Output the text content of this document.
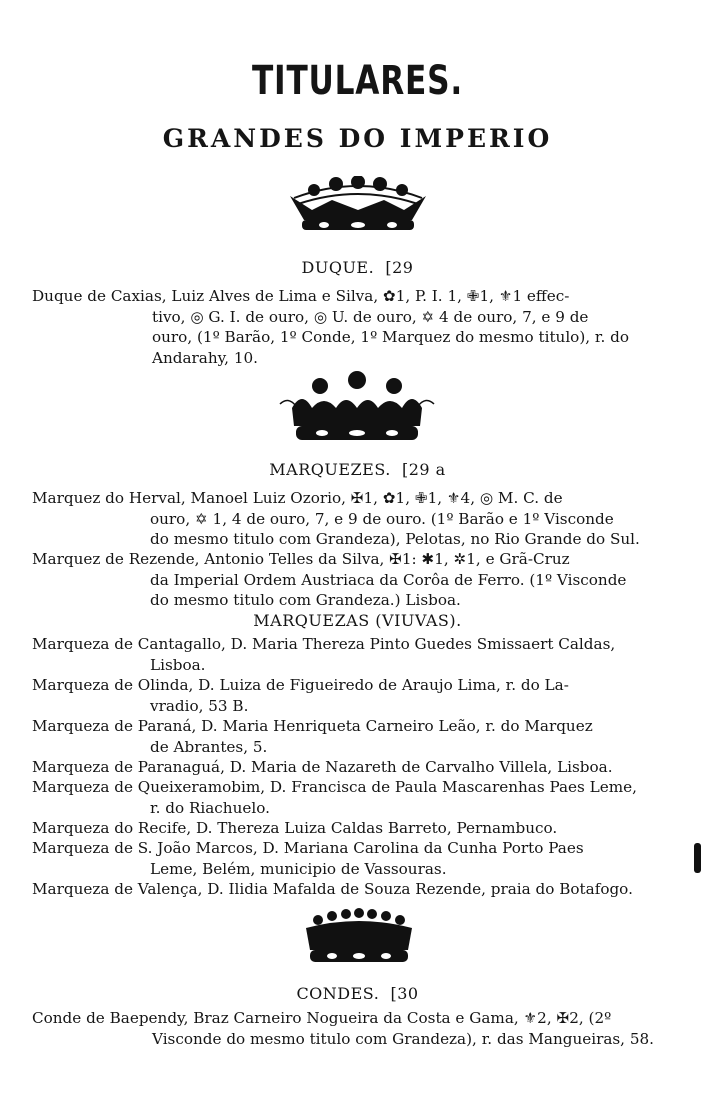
TITULARES.
GRANDES DO IMPERIO
DUQUE. [29
Duque de Caxias, Luiz Alves de Lima e Silva, ✿1, P. I. 1, ✙1, ⚜1 effec-
tivo, ◎ G. I. de ouro, ◎ U. de ouro, ✡ 4 de ouro, 7, e 9 de
ouro, (1º Barão, 1º Conde, 1º Marquez do mesmo titulo), r. do
Andarahy, 10.
MARQUEZES. [29 a
Marquez do Herval, Manoel Luiz Ozorio, ✠1, ✿1, ✙1, ⚜4, ◎ M. C. de
ouro, ✡ 1, 4 de ouro, 7, e 9 de ouro. (1º Barão e 1º Visconde
do mesmo titulo com Grandeza), Pelotas, no Rio Grande do Sul.
Marquez de Rezende, Antonio Telles da Silva, ✠1: ✱1, ✲1, e Grã-Cruz
da Imperial Ordem Austriaca da Corôa de Ferro. (1º Visconde
do mesmo titulo com Grandeza.) Lisboa.
MARQUEZAS (VIUVAS).
Marqueza de Cantagallo, D. Maria Thereza Pinto Guedes Smissaert Caldas,
Lisboa.
Marqueza de Olinda, D. Luiza de Figueiredo de Araujo Lima, r. do La-
vradio, 53 B.
Marqueza de Paraná, D. Maria Henriqueta Carneiro Leão, r. do Marquez
de Abrantes, 5.
Marqueza de Paranaguá, D. Maria de Nazareth de Carvalho Villela, Lisboa.
Marqueza de Queixeramobim, D. Francisca de Paula Mascarenhas Paes Leme,
r. do Riachuelo.
Marqueza do Recife, D. Thereza Luiza Caldas Barreto, Pernambuco.
Marqueza de S. João Marcos, D. Mariana Carolina da Cunha Porto Paes
Leme, Belém, municipio de Vassouras.
Marqueza de Valença, D. Ilidia Mafalda de Souza Rezende, praia do Botafogo.
CONDES. [30
Conde de Baependy, Braz Carneiro Nogueira da Costa e Gama, ⚜2, ✠2, (2º
Visconde do mesmo titulo com Grandeza), r. das Mangueiras, 58.
